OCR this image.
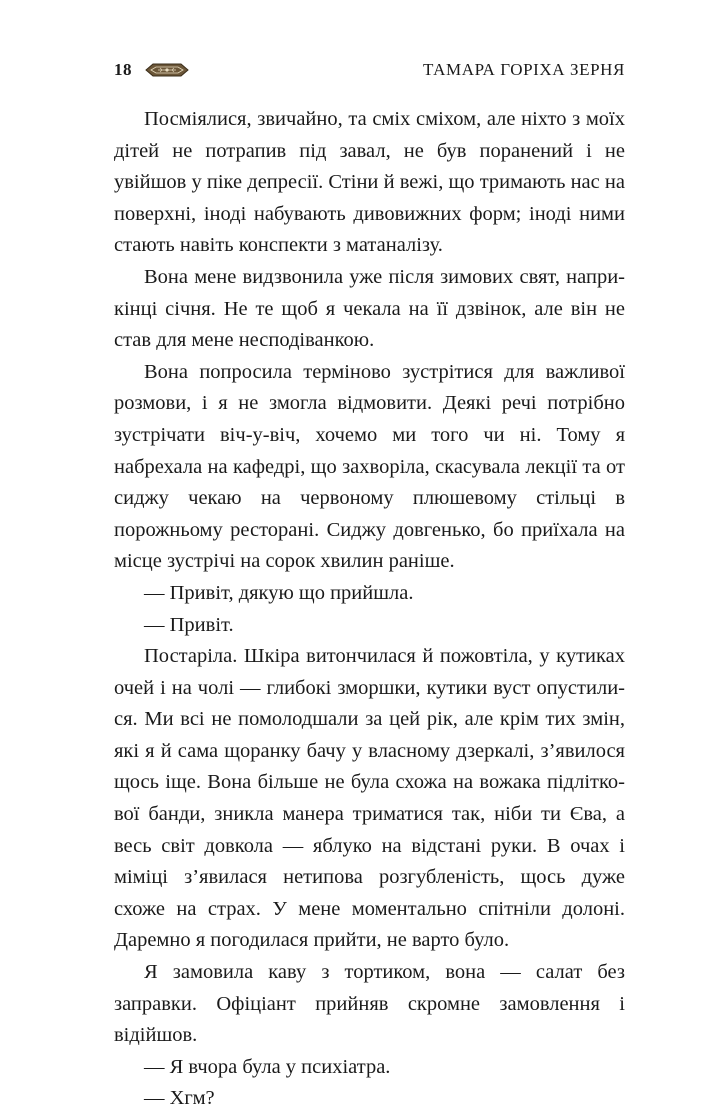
18	ТАМАРА ГОРІХА ЗЕРНЯ

Посміялися, звичайно, та сміх сміхом, але ніхто з моїх дітей не потрапив під завал, не був поранений і не увійшов у піке депресії. Стіни й вежі, що тримають нас на поверхні, іноді набувають дивовижних форм; іноді ними стають навіть конспекти з матаналізу.

Вона мене видзвонила уже після зимових свят, наприкінці січня. Не те щоб я чекала на її дзвінок, але він не став для мене несподіванкою.

Вона попросила терміново зустрітися для важливої розмови, і я не змогла відмовити. Деякі речі потрібно зустрічати віч-у-віч, хочемо ми того чи ні. Тому я набрехала на кафедрі, що захворіла, скасувала лекції та от сиджу чекаю на червоному плюшевому стільці в порожньому ресторані. Сиджу довгенько, бо приїхала на місце зустрічі на сорок хвилин раніше.

— Привіт, дякую що прийшла.

— Привіт.

Постаріла. Шкіра витончилася й пожовтіла, у кутиках очей і на чолі — глибокі зморшки, кутики вуст опустилися. Ми всі не помолодшали за цей рік, але крім тих змін, які я й сама щоранку бачу у власному дзеркалі, з’явилося щось іще. Вона більше не була схожа на вожака підліткової банди, зникла манера триматися так, ніби ти Єва, а весь світ довкола — яблуко на відстані руки. В очах і міміці з’явилася нетипова розгубленість, щось дуже схоже на страх. У мене моментально спітніли долоні. Даремно я погодилася прийти, не варто було.

Я замовила каву з тортиком, вона — салат без заправки. Офіціант прийняв скромне замовлення і відійшов.

— Я вчора була у психіатра.

— Хгм?
